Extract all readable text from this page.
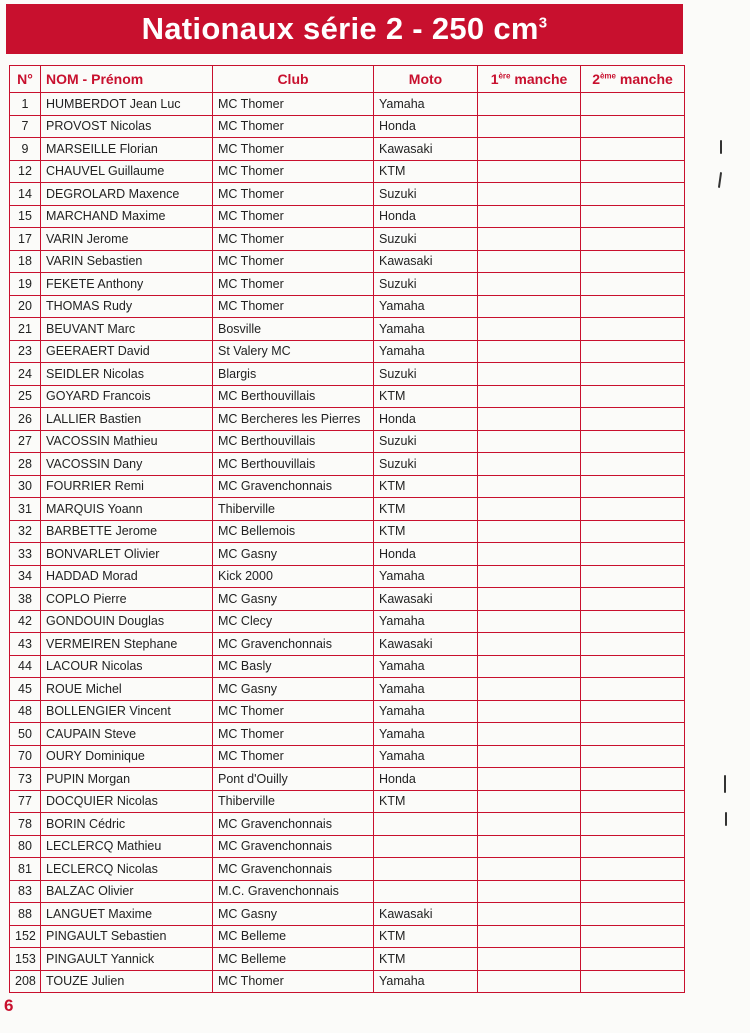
Nationaux série 2 - 250 $cm^3$
N°	NOM - Prénom	Club	Moto	1ère manche	2ème manche
1	HUMBERDOT Jean Luc	MC Thomer	Yamaha		
7	PROVOST Nicolas	MC Thomer	Honda		
9	MARSEILLE Florian	MC Thomer	Kawasaki		
12	CHAUVEL Guillaume	MC Thomer	KTM		
14	DEGROLARD Maxence	MC Thomer	Suzuki		
15	MARCHAND Maxime	MC Thomer	Honda		
17	VARIN Jerome	MC Thomer	Suzuki		
18	VARIN Sebastien	MC Thomer	Kawasaki		
19	FEKETE Anthony	MC Thomer	Suzuki		
20	THOMAS Rudy	MC Thomer	Yamaha		
21	BEUVANT Marc	Bosville	Yamaha		
23	GEERAERT David	St Valery MC	Yamaha		
24	SEIDLER Nicolas	Blargis	Suzuki		
25	GOYARD Francois	MC Berthouvillais	KTM		
26	LALLIER Bastien	MC Bercheres les Pierres	Honda		
27	VACOSSIN Mathieu	MC Berthouvillais	Suzuki		
28	VACOSSIN Dany	MC Berthouvillais	Suzuki		
30	FOURRIER Remi	MC Gravenchonnais	KTM		
31	MARQUIS Yoann	Thiberville	KTM		
32	BARBETTE Jerome	MC Bellemois	KTM		
33	BONVARLET Olivier	MC Gasny	Honda		
34	HADDAD Morad	Kick 2000	Yamaha		
38	COPLO Pierre	MC Gasny	Kawasaki		
42	GONDOUIN Douglas	MC Clecy	Yamaha		
43	VERMEIREN Stephane	MC Gravenchonnais	Kawasaki		
44	LACOUR Nicolas	MC Basly	Yamaha		
45	ROUE Michel	MC Gasny	Yamaha		
48	BOLLENGIER Vincent	MC Thomer	Yamaha		
50	CAUPAIN Steve	MC Thomer	Yamaha		
70	OURY Dominique	MC Thomer	Yamaha		
73	PUPIN Morgan	Pont d'Ouilly	Honda		
77	DOCQUIER Nicolas	Thiberville	KTM		
78	BORIN Cédric	MC Gravenchonnais			
80	LECLERCQ Mathieu	MC Gravenchonnais			
81	LECLERCQ Nicolas	MC Gravenchonnais			
83	BALZAC Olivier	M.C. Gravenchonnais			
88	LANGUET Maxime	MC Gasny	Kawasaki		
152	PINGAULT Sebastien	MC Belleme	KTM		
153	PINGAULT Yannick	MC Belleme	KTM		
208	TOUZE Julien	MC Thomer	Yamaha		
6
